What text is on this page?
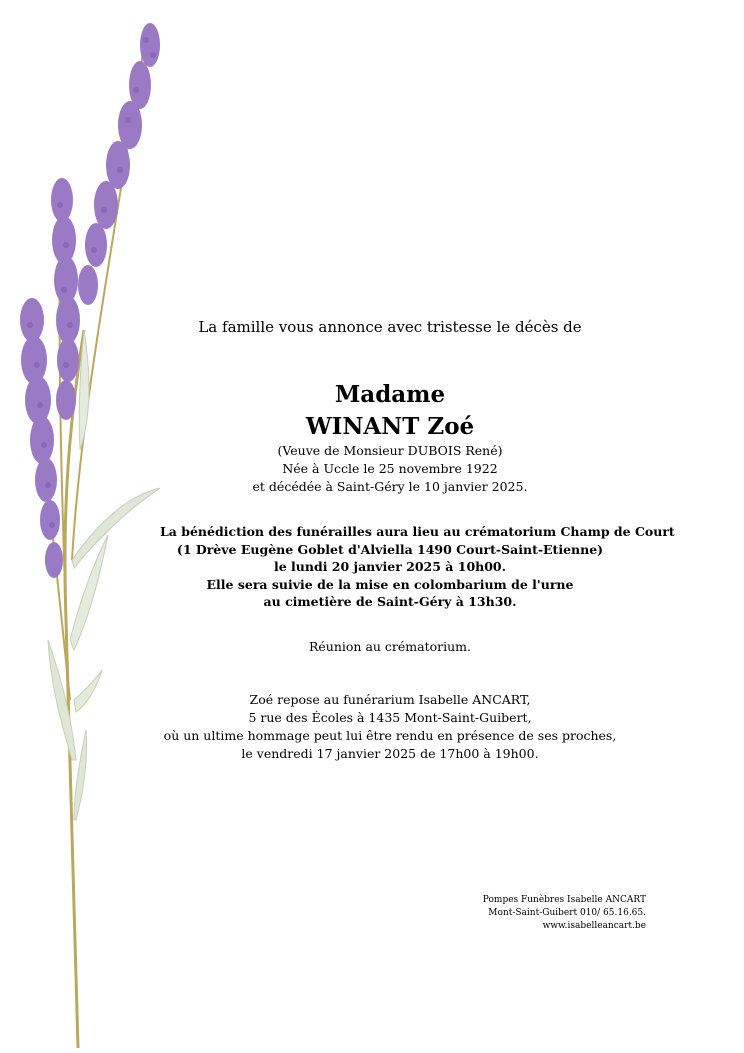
La famille vous annonce avec tristesse le décès de
Madame
WINANT Zoé
(Veuve de Monsieur DUBOIS René)
Née à Uccle le 25 novembre 1922
et décédée à Saint-Géry le 10 janvier 2025.
La bénédiction des funérailles aura lieu au crématorium Champ de Court
(1 Drève Eugène Goblet d'Alviella 1490 Court-Saint-Etienne)
le lundi 20 janvier 2025 à 10h00.
Elle sera suivie de la mise en colombarium de l'urne
au cimetière de Saint-Géry à 13h30.
Réunion au crématorium.
Zoé repose au funérarium Isabelle ANCART,
5 rue des Écoles à 1435 Mont-Saint-Guibert,
où un ultime hommage peut lui être rendu en présence de ses proches,
le vendredi 17 janvier 2025 de 17h00 à 19h00.
Pompes Funèbres Isabelle ANCART
Mont-Saint-Guibert 010/ 65.16.65.
www.isabelleancart.be
